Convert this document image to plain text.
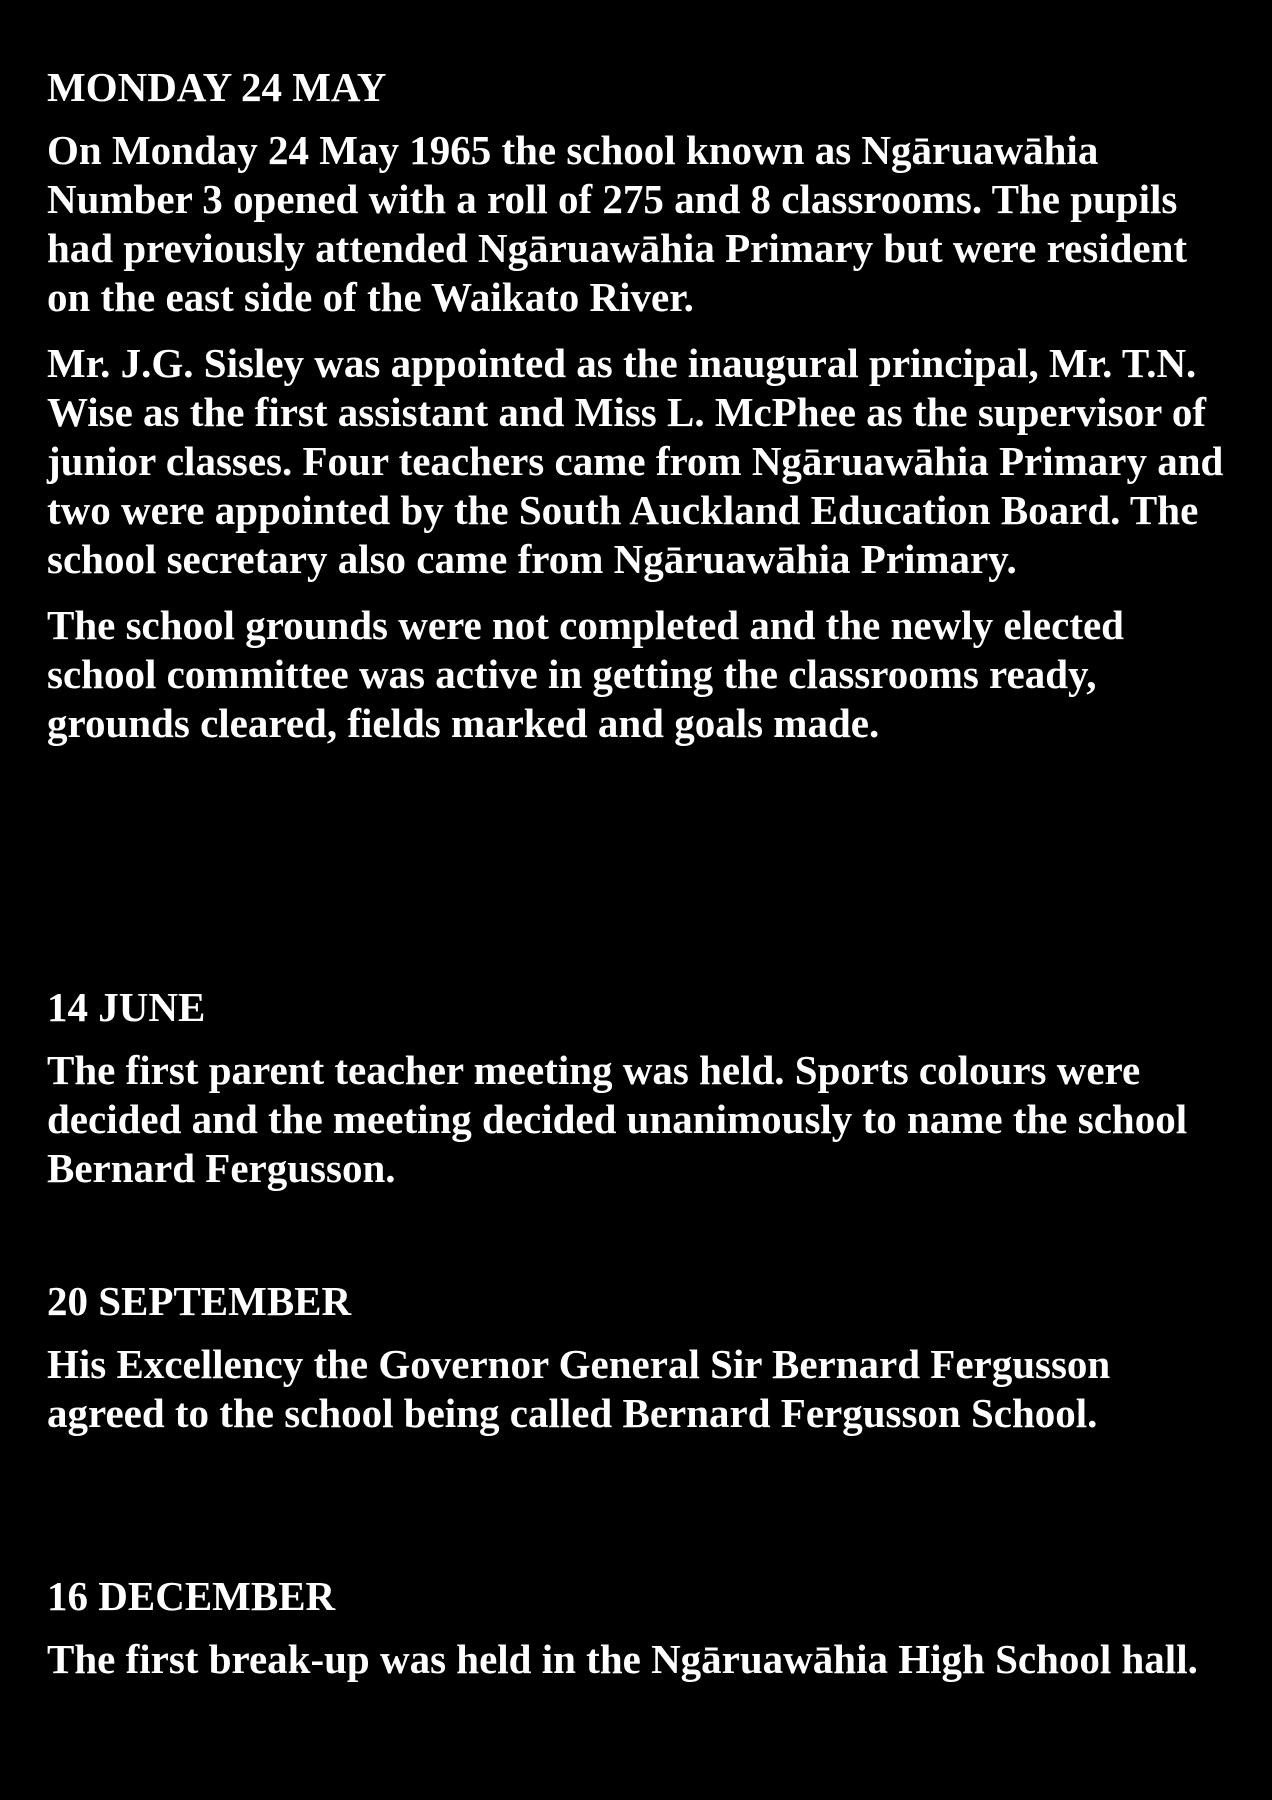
MONDAY 24 MAY

On Monday 24 May 1965 the school known as Ngāruawāhia Number 3 opened with a roll of 275 and 8 classrooms. The pupils had previously attended Ngāruawāhia Primary but were resident on the east side of the Waikato River.

Mr. J.G. Sisley was appointed as the inaugural principal, Mr. T.N. Wise as the first assistant and Miss L. McPhee as the supervisor of junior classes. Four teachers came from Ngāruawāhia Primary and two were appointed by the South Auckland Education Board. The school secretary also came from Ngāruawāhia Primary.

The school grounds were not completed and the newly elected school committee was active in getting the classrooms ready, grounds cleared, fields marked and goals made.

14 JUNE

The first parent teacher meeting was held. Sports colours were decided and the meeting decided unanimously to name the school Bernard Fergusson.

20 SEPTEMBER

His Excellency the Governor General Sir Bernard Fergusson agreed to the school being called Bernard Fergusson School.

16 DECEMBER

The first break-up was held in the Ngāruawāhia High School hall.
